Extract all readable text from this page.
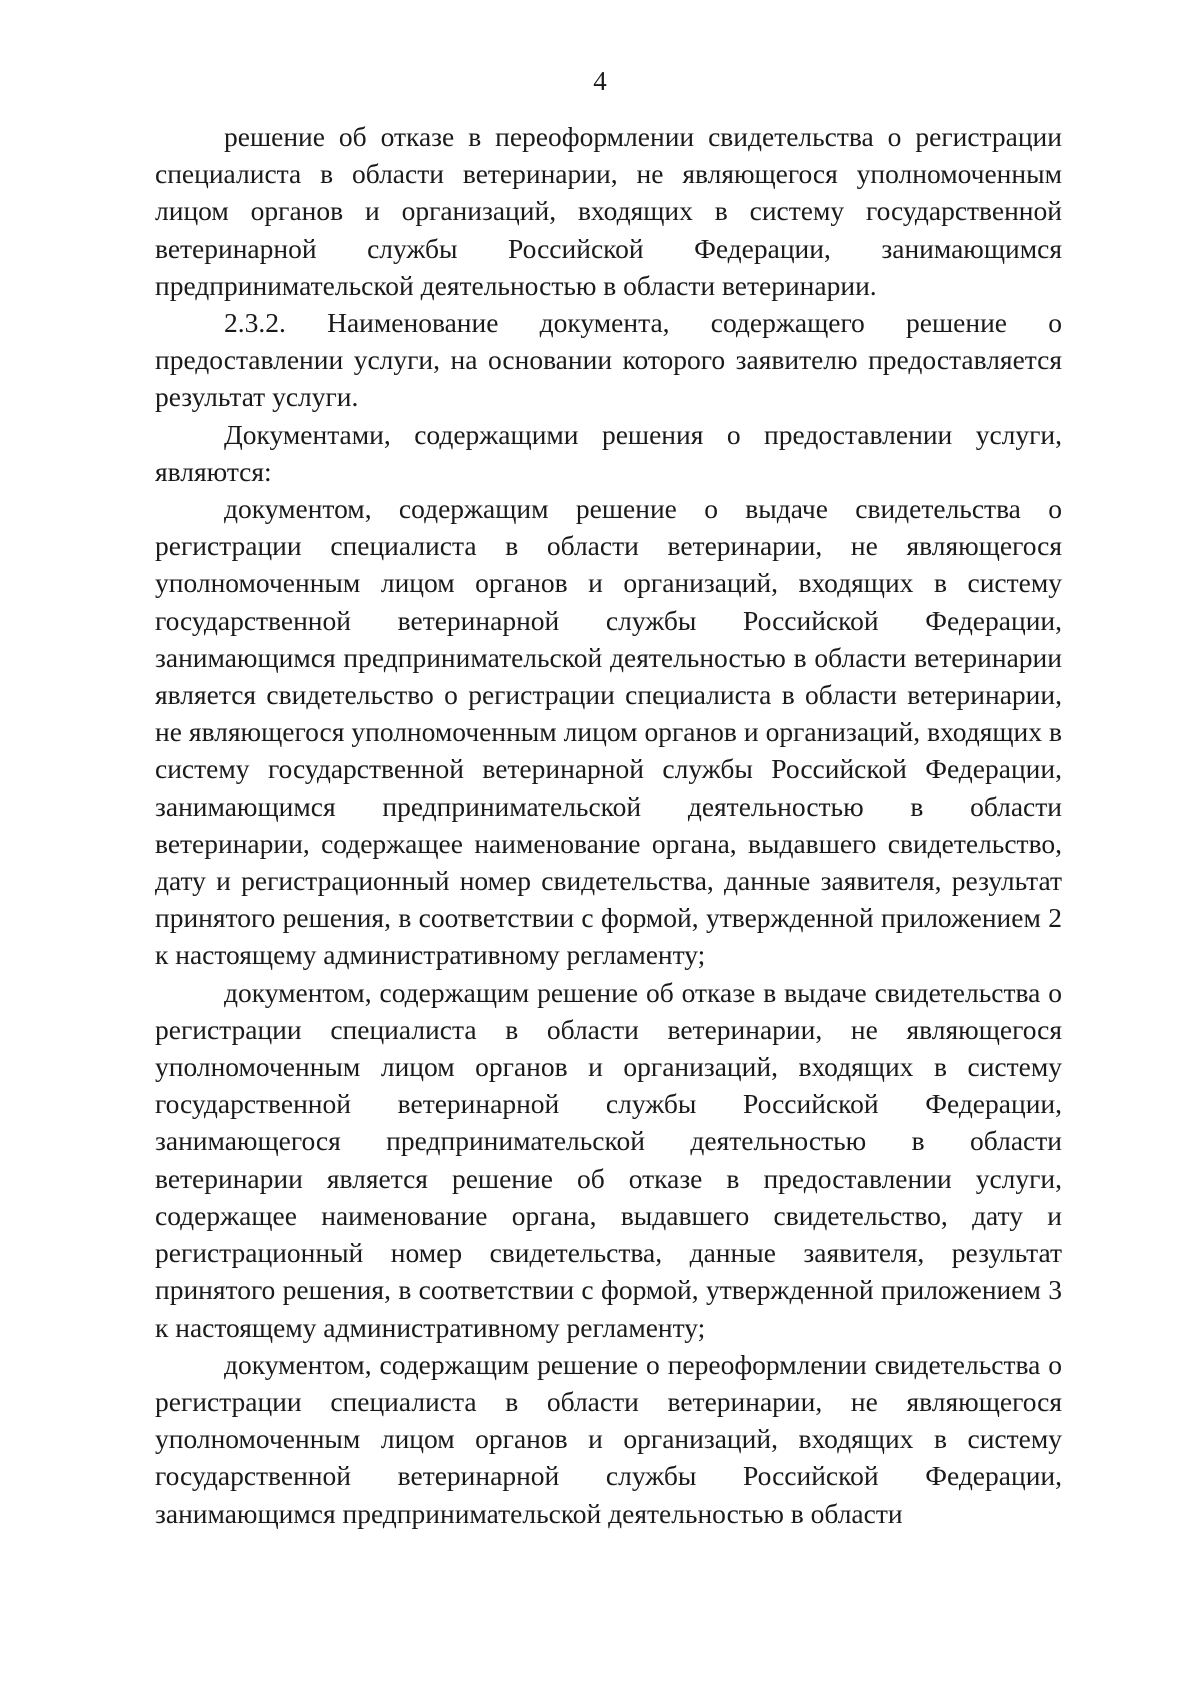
4

решение об отказе в переоформлении свидетельства о регистрации специалиста в области ветеринарии, не являющегося уполномоченным лицом органов и организаций, входящих в систему государственной ветеринарной службы Российской Федерации, занимающимся предпринимательской деятельностью в области ветеринарии.

2.3.2. Наименование документа, содержащего решение о предоставлении услуги, на основании которого заявителю предоставляется результат услуги.

Документами, содержащими решения о предоставлении услуги, являются:

документом, содержащим решение о выдаче свидетельства о регистрации специалиста в области ветеринарии, не являющегося уполномоченным лицом органов и организаций, входящих в систему государственной ветеринарной службы Российской Федерации, занимающимся предпринимательской деятельностью в области ветеринарии является свидетельство о регистрации специалиста в области ветеринарии, не являющегося уполномоченным лицом органов и организаций, входящих в систему государственной ветеринарной службы Российской Федерации, занимающимся предпринимательской деятельностью в области ветеринарии, содержащее наименование органа, выдавшего свидетельство, дату и регистрационный номер свидетельства, данные заявителя, результат принятого решения, в соответствии с формой, утвержденной приложением 2 к настоящему административному регламенту;

документом, содержащим решение об отказе в выдаче свидетельства о регистрации специалиста в области ветеринарии, не являющегося уполномоченным лицом органов и организаций, входящих в систему государственной ветеринарной службы Российской Федерации, занимающегося предпринимательской деятельностью в области ветеринарии является решение об отказе в предоставлении услуги, содержащее наименование органа, выдавшего свидетельство, дату и регистрационный номер свидетельства, данные заявителя, результат принятого решения, в соответствии с формой, утвержденной приложением 3 к настоящему административному регламенту;

документом, содержащим решение о переоформлении свидетельства о регистрации специалиста в области ветеринарии, не являющегося уполномоченным лицом органов и организаций, входящих в систему государственной ветеринарной службы Российской Федерации, занимающимся предпринимательской деятельностью в области
